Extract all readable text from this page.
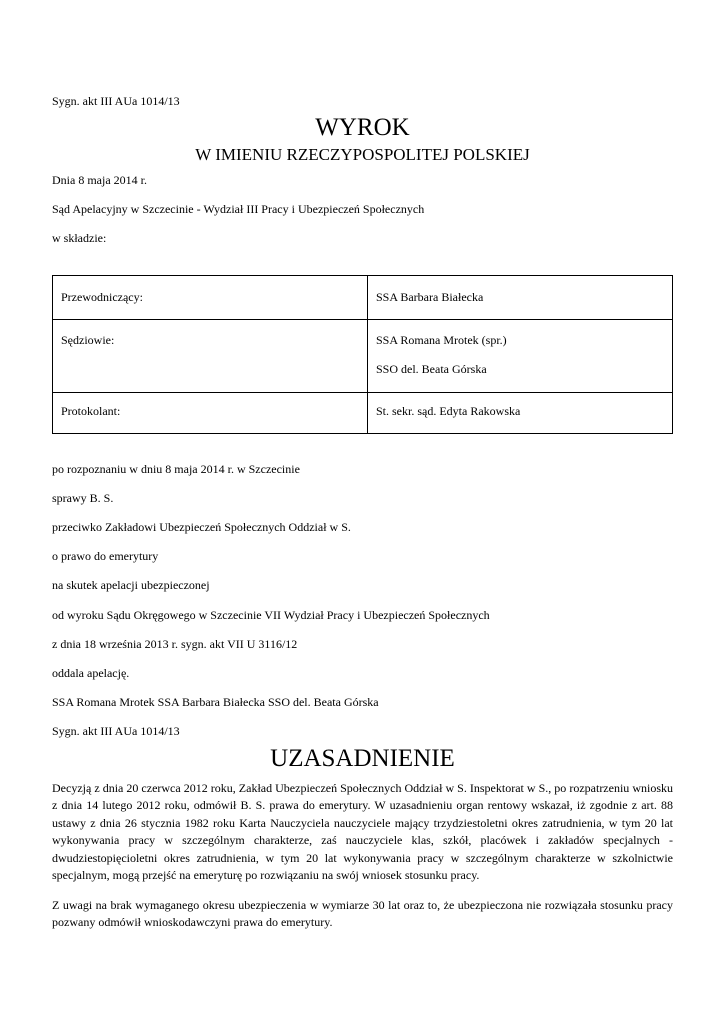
Sygn. akt III AUa 1014/13
WYROK
W IMIENIU RZECZYPOSPOLITEJ POLSKIEJ
Dnia 8 maja 2014 r.
Sąd Apelacyjny w Szczecinie - Wydział III Pracy i Ubezpieczeń Społecznych
w składzie:
Przewodniczący:	SSA Barbara Białecka

Sędziowie:	SSA Romana Mrotek (spr.)
SSO del. Beata Górska

Protokolant:	St. sekr. sąd. Edyta Rakowska
po rozpoznaniu w dniu 8 maja 2014 r. w Szczecinie
sprawy B. S.
przeciwko Zakładowi Ubezpieczeń Społecznych Oddział w S.
o prawo do emerytury
na skutek apelacji ubezpieczonej
od wyroku Sądu Okręgowego w Szczecinie VII Wydział Pracy i Ubezpieczeń Społecznych
z dnia 18 września 2013 r. sygn. akt VII U 3116/12
oddala apelację.
SSA Romana Mrotek SSA Barbara Białecka SSO del. Beata Górska
Sygn. akt III AUa 1014/13
UZASADNIENIE
Decyzją z dnia 20 czerwca 2012 roku, Zakład Ubezpieczeń Społecznych Oddział w S. Inspektorat w S., po rozpatrzeniu wniosku z dnia 14 lutego 2012 roku, odmówił B. S. prawa do emerytury. W uzasadnieniu organ rentowy wskazał, iż zgodnie z art. 88 ustawy z dnia 26 stycznia 1982 roku Karta Nauczyciela nauczyciele mający trzydziestoletni okres zatrudnienia, w tym 20 lat wykonywania pracy w szczególnym charakterze, zaś nauczyciele klas, szkół, placówek i zakładów specjalnych - dwudziestopięcioletni okres zatrudnienia, w tym 20 lat wykonywania pracy w szczególnym charakterze w szkolnictwie specjalnym, mogą przejść na emeryturę po rozwiązaniu na swój wniosek stosunku pracy.
Z uwagi na brak wymaganego okresu ubezpieczenia w wymiarze 30 lat oraz to, że ubezpieczona nie rozwiązała stosunku pracy pozwany odmówił wnioskodawczyni prawa do emerytury.
